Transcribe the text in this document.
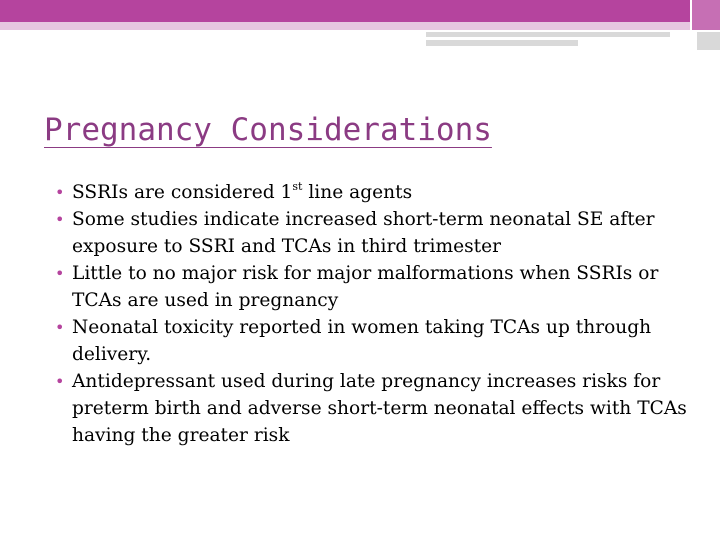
Pregnancy Considerations
• SSRIs are considered 1st line agents
• Some studies indicate increased short-term neonatal SE after exposure to SSRI and TCAs in third trimester
• Little to no major risk for major malformations when SSRIs or TCAs are used in pregnancy
• Neonatal toxicity reported in women taking TCAs up through delivery.
• Antidepressant used during late pregnancy increases risks for preterm birth and adverse short-term neonatal effects with TCAs having the greater risk
